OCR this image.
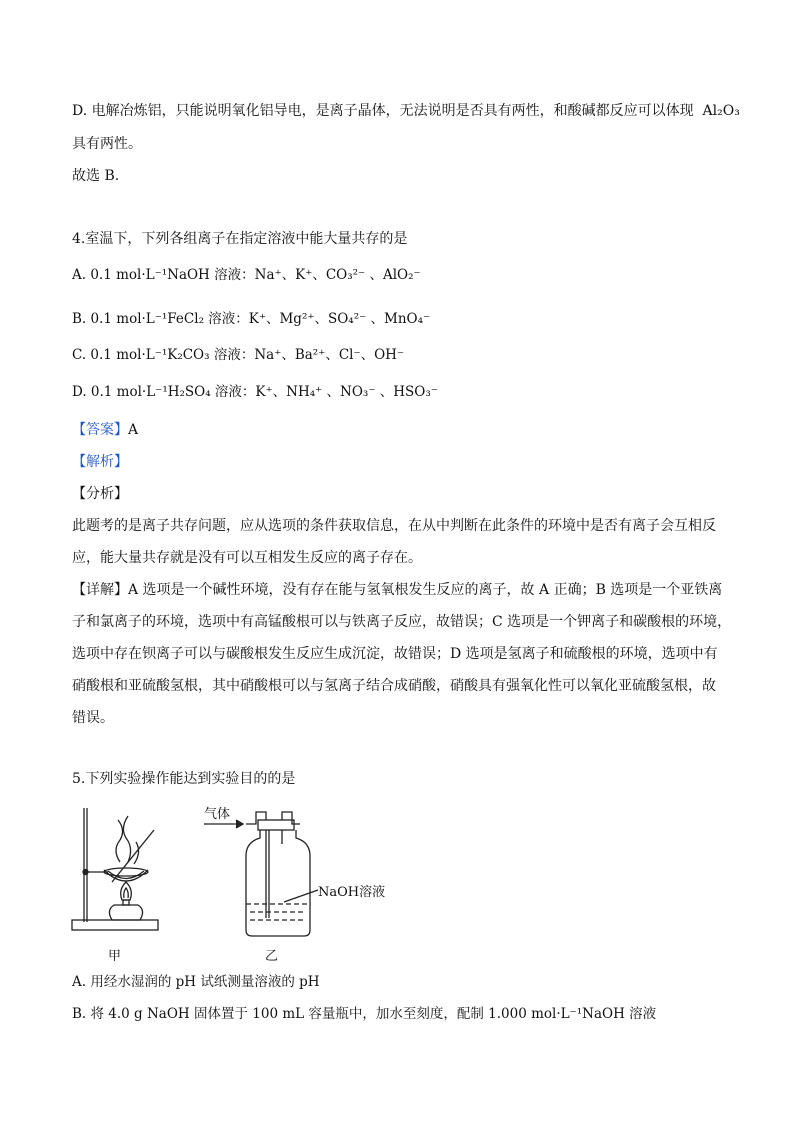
D. 电解冶炼铝，只能说明氧化铝导电，是离子晶体，无法说明是否具有两性，和酸碱都反应可以体现 Al₂O₃
具有两性。
故选 B.
4.室温下，下列各组离子在指定溶液中能大量共存的是
A. 0.1 mol·L⁻¹NaOH 溶液：Na⁺、K⁺、CO₃²⁻ 、AlO₂⁻
B. 0.1 mol·L⁻¹FeCl₂ 溶液：K⁺、Mg²⁺、SO₄²⁻ 、MnO₄⁻
C. 0.1 mol·L⁻¹K₂CO₃ 溶液：Na⁺、Ba²⁺、Cl⁻、OH⁻
D. 0.1 mol·L⁻¹H₂SO₄ 溶液：K⁺、NH₄⁺ 、NO₃⁻ 、HSO₃⁻
【答案】A
【解析】
【分析】
此题考的是离子共存问题，应从选项的条件获取信息，在从中判断在此条件的环境中是否有离子会互相反
应，能大量共存就是没有可以互相发生反应的离子存在。
【详解】A 选项是一个碱性环境，没有存在能与氢氧根发生反应的离子，故 A 正确；B 选项是一个亚铁离
子和氯离子的环境，选项中有高锰酸根可以与铁离子反应，故错误；C 选项是一个钾离子和碳酸根的环境，
选项中存在钡离子可以与碳酸根发生反应生成沉淀，故错误；D 选项是氢离子和硫酸根的环境，选项中有
硝酸根和亚硫酸氢根，其中硝酸根可以与氢离子结合成硝酸，硝酸具有强氧化性可以氧化亚硫酸氢根，故
错误。
5.下列实验操作能达到实验目的的是
甲
气体
NaOH溶液
乙
A. 用经水湿润的 pH 试纸测量溶液的 pH
B. 将 4.0 g NaOH 固体置于 100 mL 容量瓶中，加水至刻度，配制 1.000 mol·L⁻¹NaOH 溶液
